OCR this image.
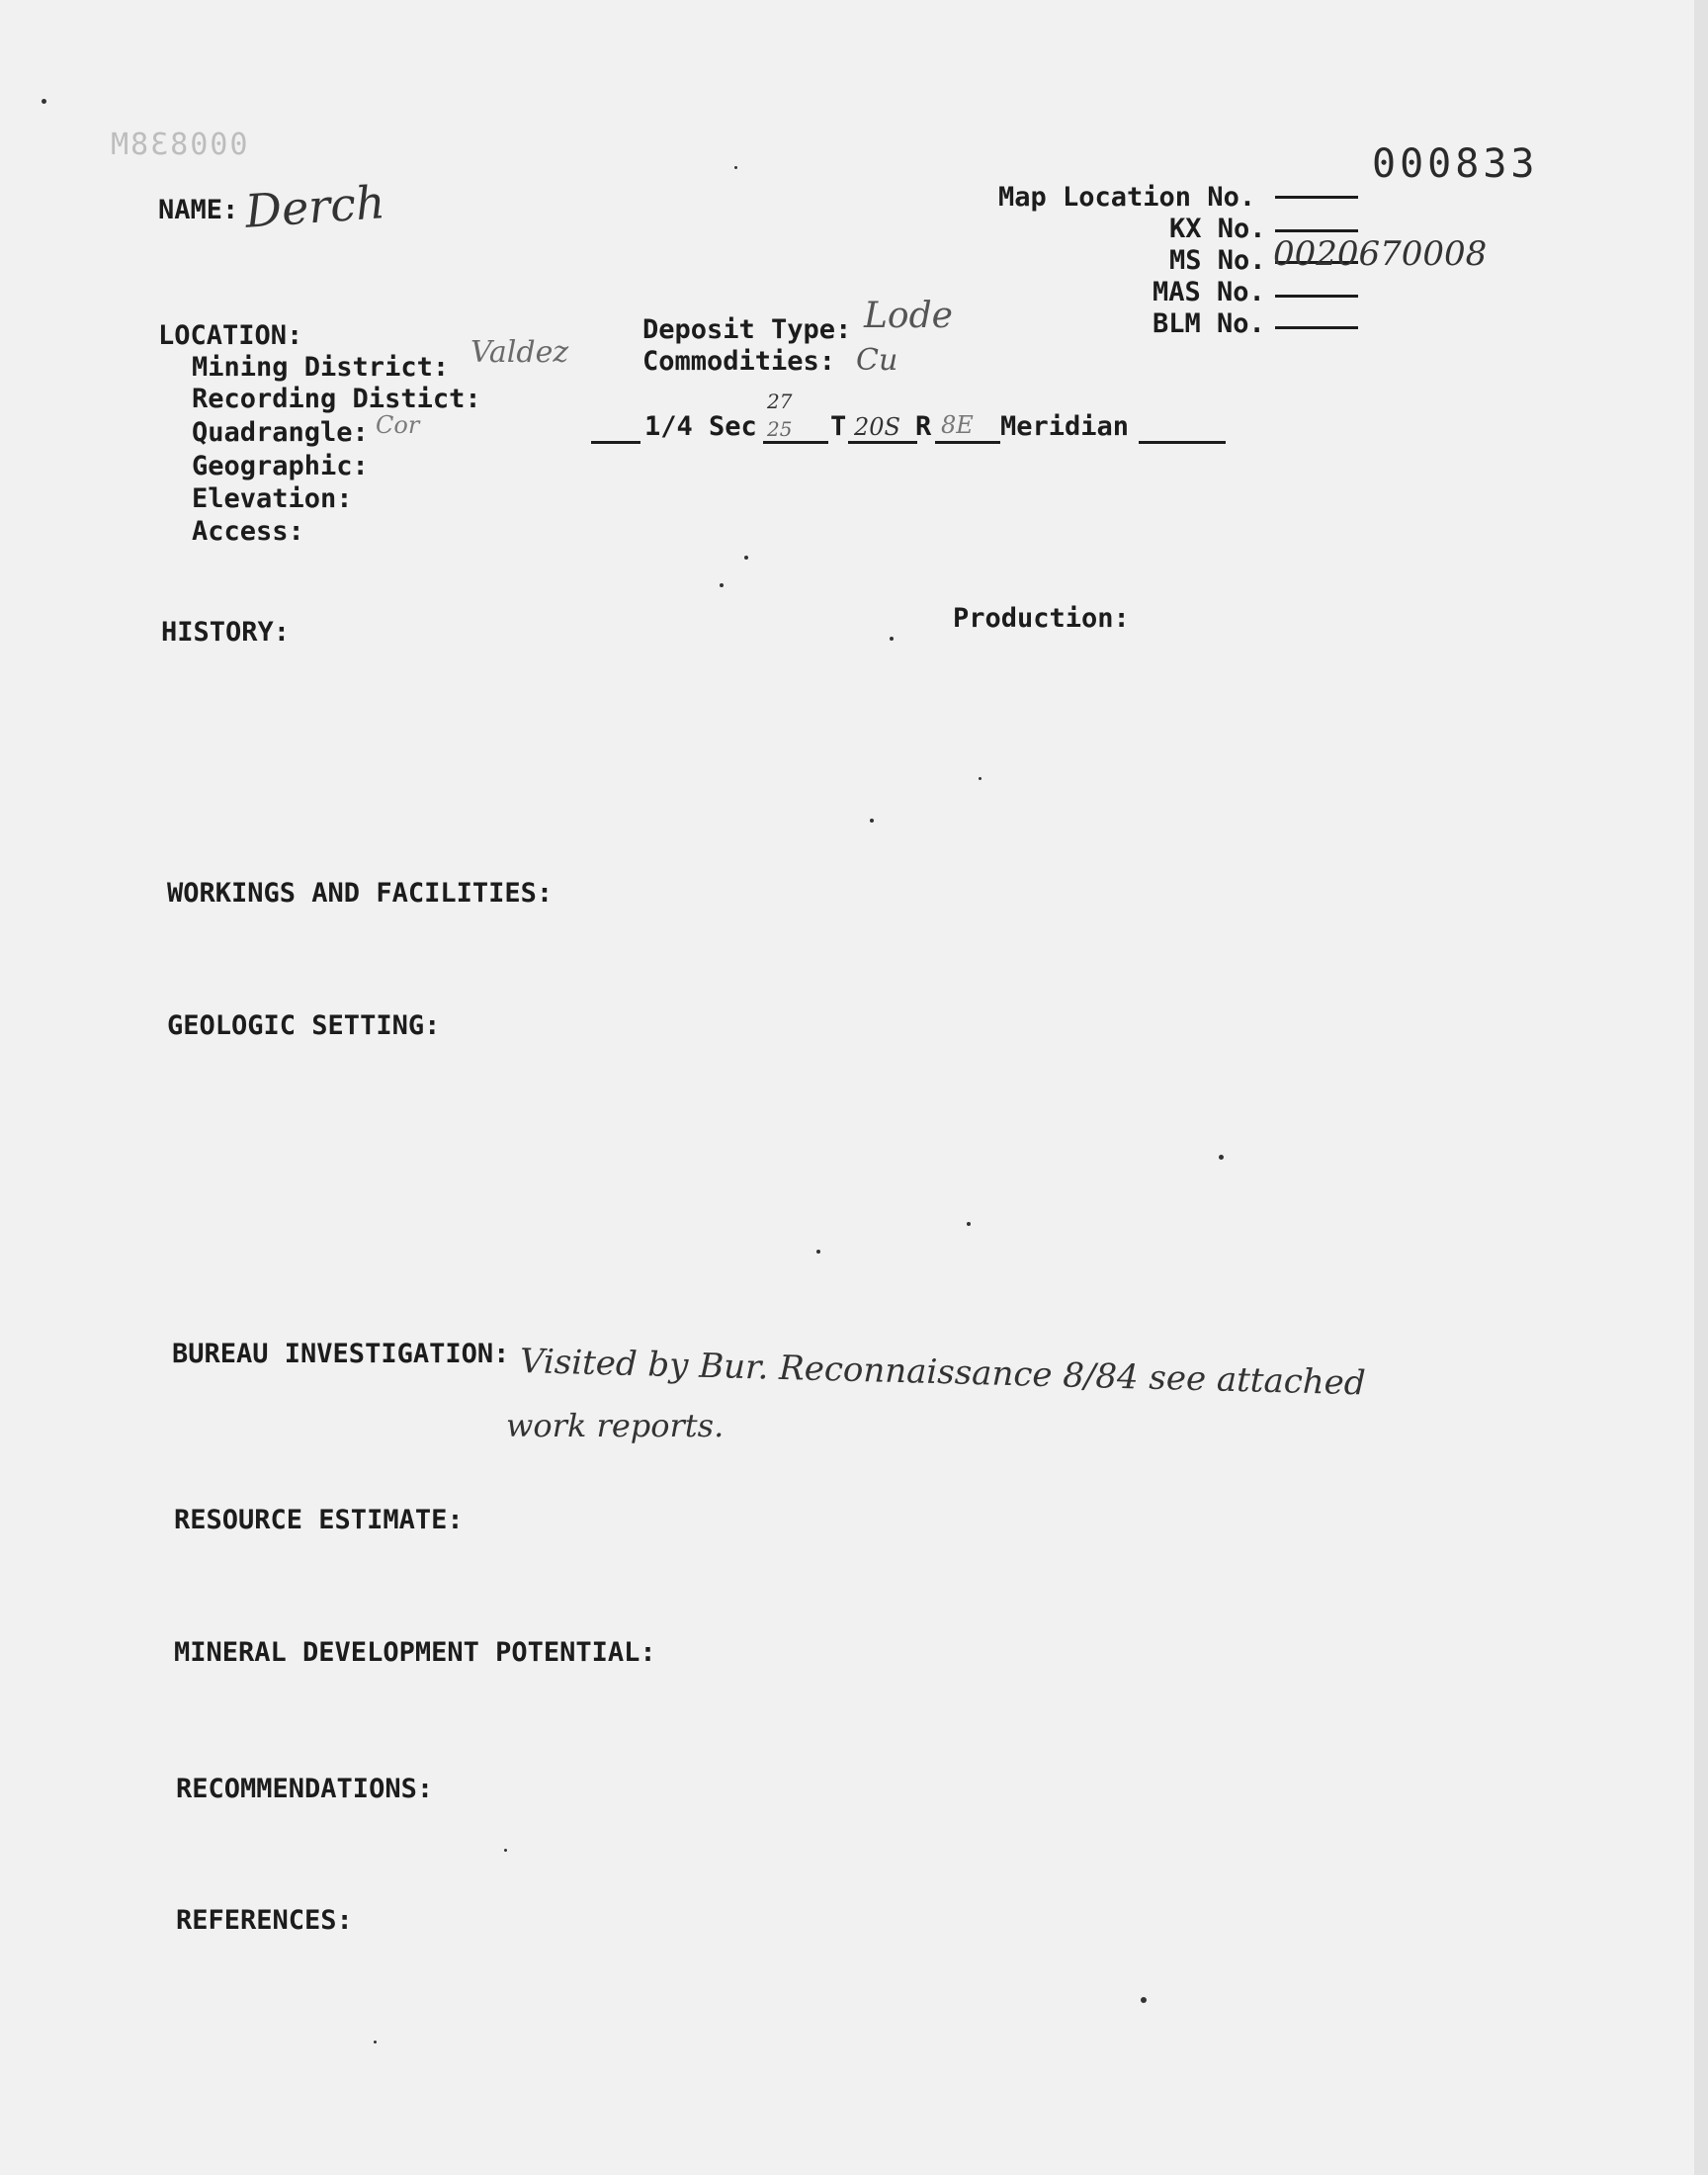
000838M	000833
NAME: Derch	Map Location No.
KX No.
MS No. 0020670008
MAS No.
BLM No.
LOCATION:
Mining District: Valdez
Recording Distict:
Quadrangle: Cor
Geographic:
Elevation:
Access:
Deposit Type: Lode
Commodities: Cu
1/4 Sec
27
25 T 20S R 8E Meridian
HISTORY:	Production:
WORKINGS AND FACILITIES:
GEOLOGIC SETTING:
BUREAU INVESTIGATION: Visited by Bur. Reconnaissance 8/84 see attached
work reports.
RESOURCE ESTIMATE:
MINERAL DEVELOPMENT POTENTIAL:
RECOMMENDATIONS:
REFERENCES:
